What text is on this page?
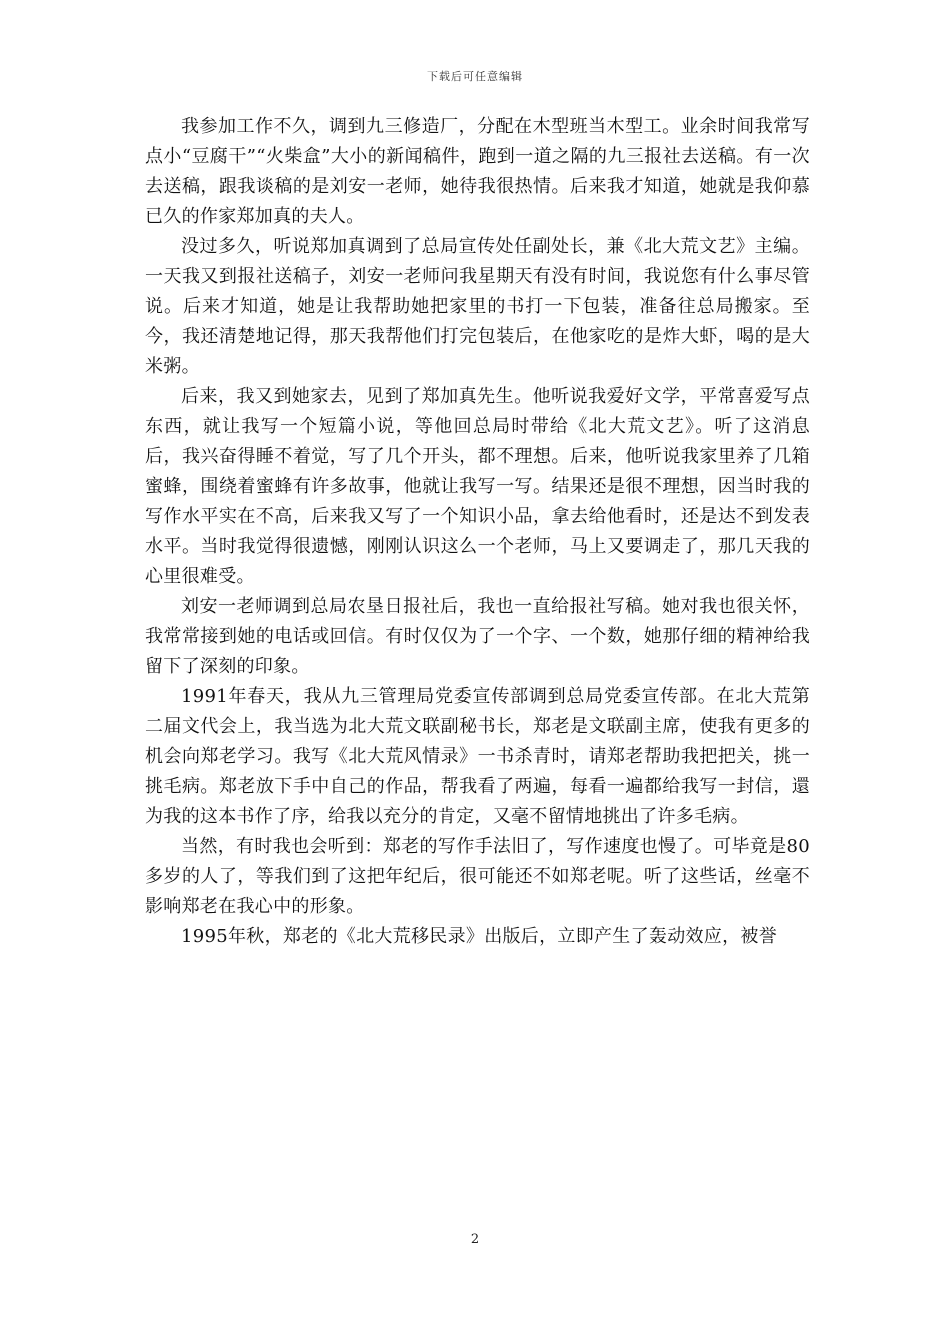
下载后可任意编辑

我参加工作不久，调到九三修造厂，分配在木型班当木型工。业余时间我常写点小“豆腐干”“火柴盒”大小的新闻稿件，跑到一道之隔的九三报社去送稿。有一次去送稿，跟我谈稿的是刘安一老师，她待我很热情。后来我才知道，她就是我仰慕已久的作家郑加真的夫人。

没过多久，听说郑加真调到了总局宣传处任副处长，兼《北大荒文艺》主编。一天我又到报社送稿子，刘安一老师问我星期天有没有时间，我说您有什么事尽管说。后来才知道，她是让我帮助她把家里的书打一下包装，准备往总局搬家。至今，我还清楚地记得，那天我帮他们打完包装后，在他家吃的是炸大虾，喝的是大米粥。

后来，我又到她家去，见到了郑加真先生。他听说我爱好文学，平常喜爱写点东西，就让我写一个短篇小说，等他回总局时带给《北大荒文艺》。听了这消息后，我兴奋得睡不着觉，写了几个开头，都不理想。后来，他听说我家里养了几箱蜜蜂，围绕着蜜蜂有许多故事，他就让我写一写。结果还是很不理想，因当时我的写作水平实在不高，后来我又写了一个知识小品，拿去给他看时，还是达不到发表水平。当时我觉得很遗憾，刚刚认识这么一个老师，马上又要调走了，那几天我的心里很难受。

刘安一老师调到总局农垦日报社后，我也一直给报社写稿。她对我也很关怀，我常常接到她的电话或回信。有时仅仅为了一个字、一个数，她那仔细的精神给我留下了深刻的印象。

1991年春天，我从九三管理局党委宣传部调到总局党委宣传部。在北大荒第二届文代会上，我当选为北大荒文联副秘书长，郑老是文联副主席，使我有更多的机会向郑老学习。我写《北大荒风情录》一书杀青时，请郑老帮助我把把关，挑一挑毛病。郑老放下手中自己的作品，帮我看了两遍，每看一遍都给我写一封信，還为我的这本书作了序，给我以充分的肯定，又毫不留情地挑出了许多毛病。

当然，有时我也会听到：郑老的写作手法旧了，写作速度也慢了。可毕竟是80多岁的人了，等我们到了这把年纪后，很可能还不如郑老呢。听了这些话，丝毫不影响郑老在我心中的形象。

1995年秋，郑老的《北大荒移民录》出版后，立即产生了轰动效应，被誉

2
